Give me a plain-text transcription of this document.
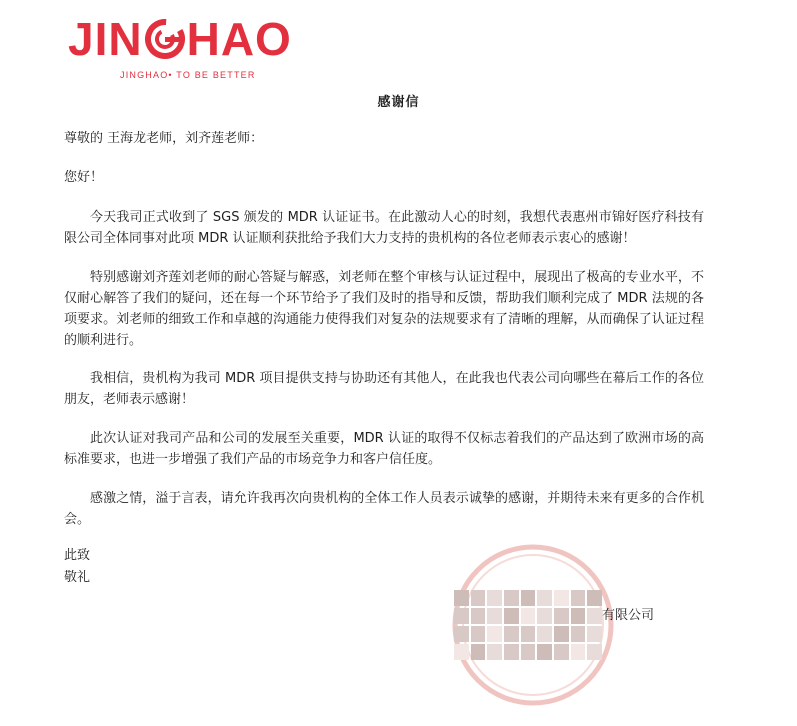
JIN HAO
JINGHAO• TO BE BETTER
感谢信
尊敬的 王海龙老师，刘齐莲老师：
您好！
今天我司正式收到了 SGS 颁发的 MDR 认证证书。在此激动人心的时刻，我想代表惠州市锦好医疗科技有限公司全体同事对此项 MDR 认证顺利获批给予我们大力支持的贵机构的各位老师表示衷心的感谢！
特别感谢刘齐莲刘老师的耐心答疑与解惑，刘老师在整个审核与认证过程中，展现出了极高的专业水平，不仅耐心解答了我们的疑问，还在每一个环节给予了我们及时的指导和反馈，帮助我们顺利完成了 MDR 法规的各项要求。刘老师的细致工作和卓越的沟通能力使得我们对复杂的法规要求有了清晰的理解，从而确保了认证过程的顺利进行。
我相信，贵机构为我司 MDR 项目提供支持与协助还有其他人，在此我也代表公司向哪些在幕后工作的各位朋友，老师表示感谢！
此次认证对我司产品和公司的发展至关重要，MDR 认证的取得不仅标志着我们的产品达到了欧洲市场的高标准要求，也进一步增强了我们产品的市场竞争力和客户信任度。
感激之情，溢于言表，请允许我再次向贵机构的全体工作人员表示诚挚的感谢，并期待未来有更多的合作机会。
此致
敬礼
有限公司
